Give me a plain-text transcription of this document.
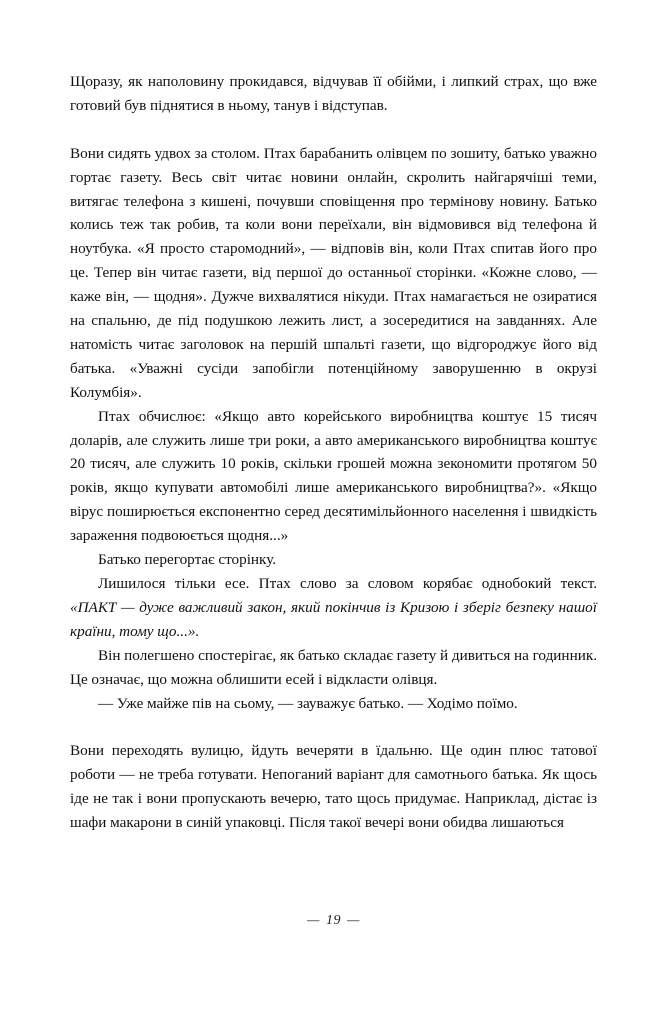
Щоразу, як наполовину прокидався, відчував її обійми, і липкий страх, що вже готовий був піднятися в ньому, танув і відступав.

Вони сидять удвох за столом. Птах барабанить олівцем по зошиту, батько уважно гортає газету. Весь світ читає новини онлайн, скролить найгарячіші теми, витягає телефона з кишені, почувши сповіщення про термінову новину. Батько колись теж так робив, та коли вони переїхали, він відмовився від телефона й ноутбука. «Я просто старомодний», — відповів він, коли Птах спитав його про це. Тепер він читає газети, від першої до останньої сторінки. «Кожне слово, — каже він, — щодня». Дужче вихвалятися нікуди. Птах намагається не озиратися на спальню, де під подушкою лежить лист, а зосередитися на завданнях. Але натомість читає заголовок на першій шпальті газети, що відгороджує його від батька. «Уважні сусіди запобігли потенційному заворушенню в окрузі Колумбія».

Птах обчислює: «Якщо авто корейського виробництва коштує 15 тисяч доларів, але служить лише три роки, а авто американського виробництва коштує 20 тисяч, але служить 10 років, скільки грошей можна зекономити протягом 50 років, якщо купувати автомобілі лише американського виробництва?». «Якщо вірус поширюється експонентно серед десятимільйонного населення і швидкість зараження подвоюється щодня...»

Батько перегортає сторінку.

Лишилося тільки есе. Птах слово за словом корябає однобокий текст. «ПАКТ — дуже важливий закон, який покінчив із Кризою і зберіг безпеку нашої країни, тому що...».

Він полегшено спостерігає, як батько складає газету й дивиться на годинник. Це означає, що можна облишити есей і відкласти олівця.

— Уже майже пів на сьому, — зауважує батько. — Ходімо поїмо.

Вони переходять вулицю, йдуть вечеряти в їдальню. Ще один плюс татової роботи — не треба готувати. Непоганий варіант для самотнього батька. Як щось іде не так і вони пропускають вечерю, тато щось придумає. Наприклад, дістає із шафи макарони в синій упаковці. Після такої вечері вони обидва лишаються

— 19 —
